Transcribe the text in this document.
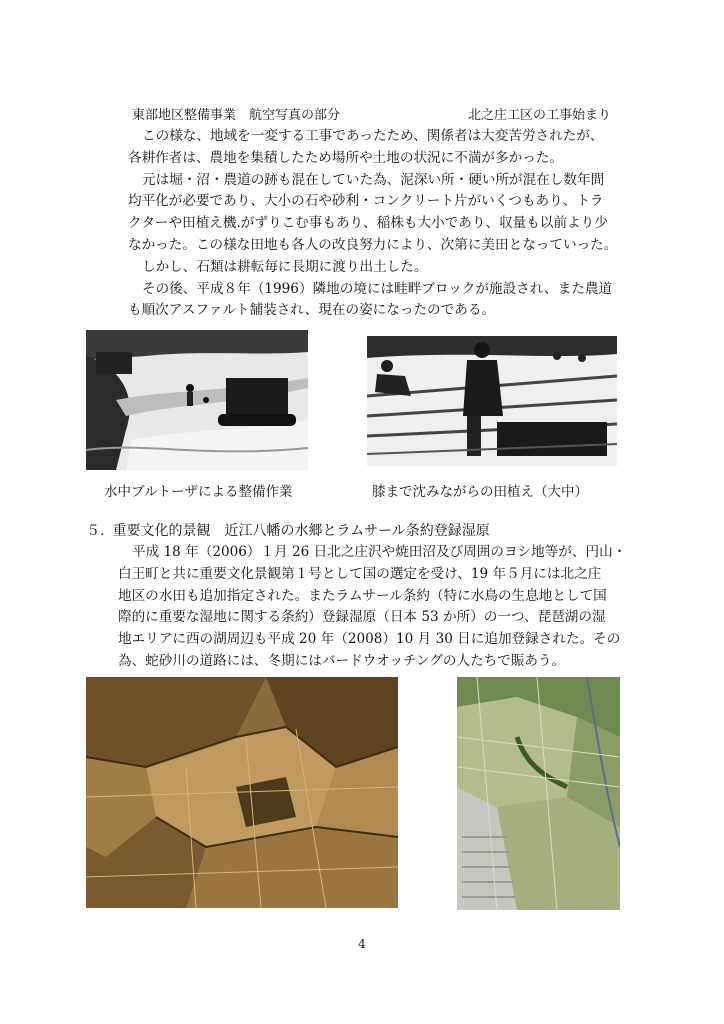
東部地区整備事業　航空写真の部分	北之庄工区の工事始まり

この様な、地域を一変する工事であったため、関係者は大変苦労されたが、

各耕作者は、農地を集積したため場所や土地の状況に不満が多かった。

元は堀・沼・農道の跡も混在していた為、泥深い所・硬い所が混在し数年間

均平化が必要であり、大小の石や砂利・コンクリート片がいくつもあり、トラ

クターや田植え機.がずりこむ事もあり、稲株も大小であり、収量も以前より少

なかった。この様な田地も各人の改良努力により、次第に美田となっていった。

しかし、石類は耕転毎に長期に渡り出土した。

その後、平成８年（1996）隣地の境には畦畔ブロックが施設され、また農道

も順次アスファルト舗装され、現在の姿になったのである。

水中ブルトーザによる整備作業	膝まで沈みながらの田植え（大中）
５. 重要文化的景観　近江八幡の水郷とラムサール条約登録湿原

平成 18 年（2006）１月 26 日北之庄沢や焼田沼及び周囲のヨシ地等が、円山・

白王町と共に重要文化景観第１号として国の選定を受け、19 年５月には北之庄

地区の水田も追加指定された。またラムサール条約（特に水鳥の生息地として国

際的に重要な湿地に関する条約）登録湿原（日本 53 か所）の一つ、琵琶湖の湿

地エリアに西の湖周辺も平成 20 年（2008）10 月 30 日に追加登録された。その

為、蛇砂川の道路には、冬期にはバードウオッチングの人たちで賑あう。

4
